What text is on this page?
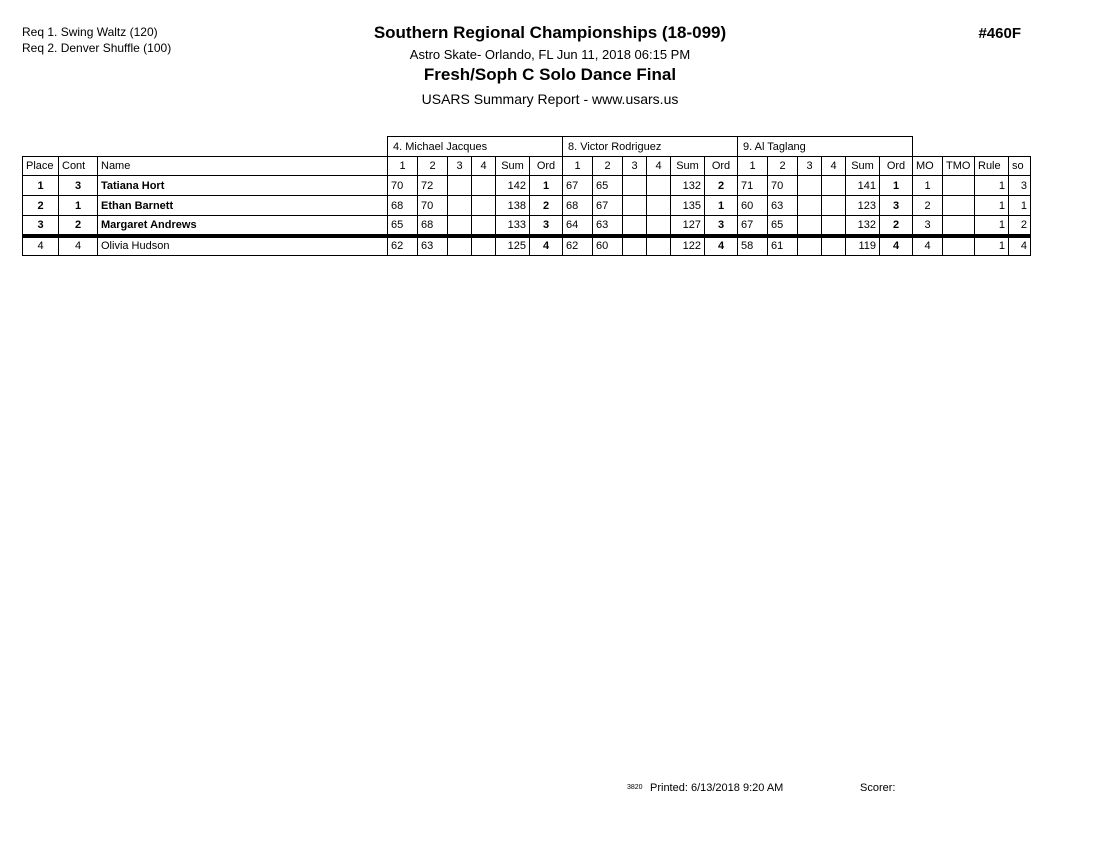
Req 1. Swing Waltz (120)
Req 2. Denver Shuffle (100)
Southern Regional Championships (18-099)
Astro Skate- Orlando, FL Jun 11, 2018 06:15 PM
Fresh/Soph C Solo Dance Final
USARS Summary Report - www.usars.us
#460F
			4. Michael Jacques						8. Victor Rodriguez						9. Al Taglang									
Place	Cont	Name	1	2	3	4	Sum	Ord	1	2	3	4	Sum	Ord	1	2	3	4	Sum	Ord	MO	TMO	Rule	so
1	3	Tatiana Hort	70	72			142	1	67	65			132	2	71	70			141	1	1		1	3
2	1	Ethan Barnett	68	70			138	2	68	67			135	1	60	63			123	3	2		1	1
3	2	Margaret Andrews	65	68			133	3	64	63			127	3	67	65			132	2	3		1	2
4	4	Olivia Hudson	62	63			125	4	62	60			122	4	58	61			119	4	4		1	4
3820 Printed: 6/13/2018 9:20 AM	Scorer:
